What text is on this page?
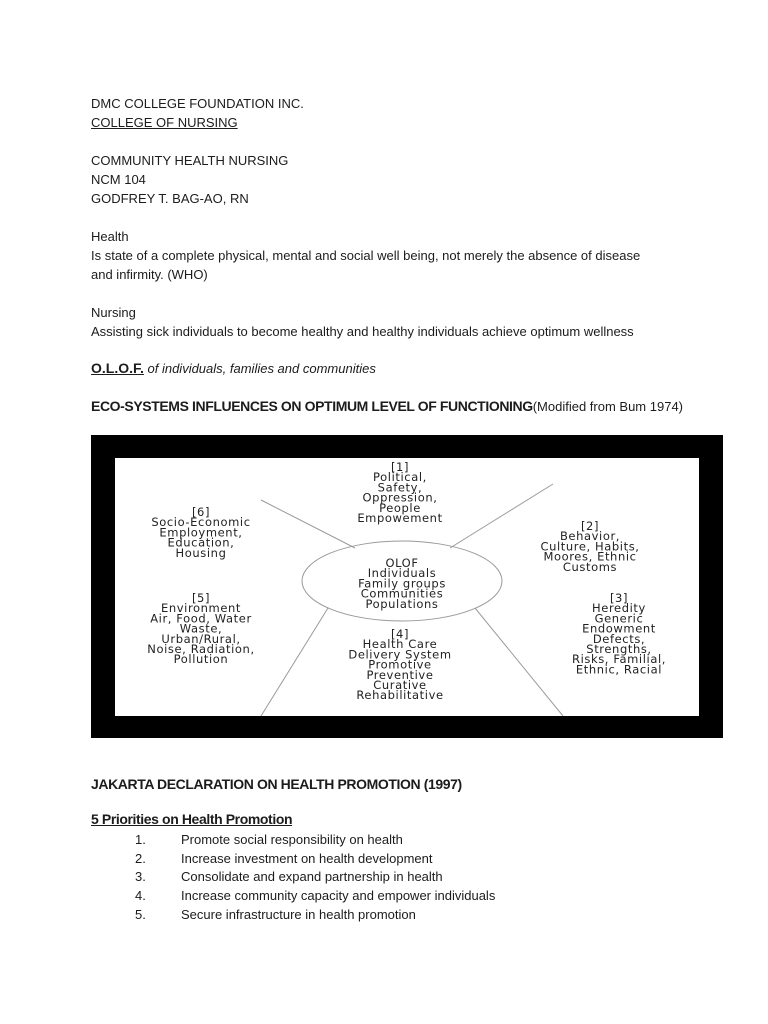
DMC COLLEGE FOUNDATION INC.
COLLEGE OF NURSING
COMMUNITY HEALTH NURSING
NCM 104
GODFREY T. BAG-AO, RN
Health
Is state of a complete physical, mental and social well being, not merely the absence of disease
and infirmity. (WHO)
Nursing
Assisting sick individuals to become healthy and healthy individuals achieve optimum wellness
O.L.O.F. of individuals, families and communities
ECO-SYSTEMS INFLUENCES ON OPTIMUM LEVEL OF FUNCTIONING(Modified from Bum 1974)
OLOF
Individuals
Family groups
Communities
Populations
[1]
Political,
Safety,
Oppression,
People
Empowement
[2]
Behavior,
Culture, Habits,
Moores, Ethnic
Customs
[3]
Heredity
Generic
Endowment
Defects,
Strengths,
Risks, Familial,
Ethnic, Racial
[4]
Health Care
Delivery System
Promotive
Preventive
Curative
Rehabilitative
[5]
Environment
Air, Food, Water
Waste,
Urban/Rural,
Noise, Radiation,
Pollution
[6]
Socio-Economic
Employment,
Education,
Housing
JAKARTA DECLARATION ON HEALTH PROMOTION (1997)
5 Priorities on Health Promotion
1.	Promote social responsibility on health
2.	Increase investment on health development
3.	Consolidate and expand partnership in health
4.	Increase community capacity and empower individuals
5.	Secure infrastructure in health promotion
